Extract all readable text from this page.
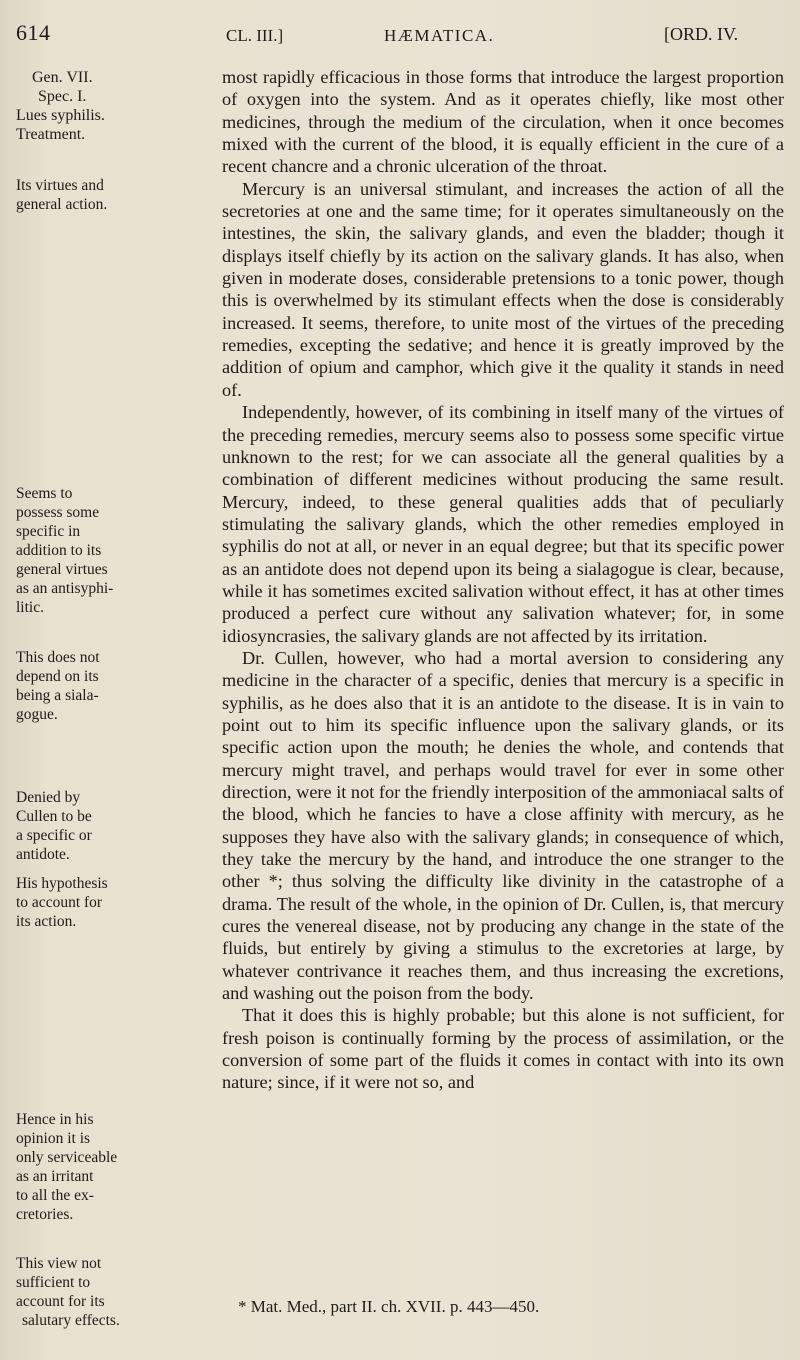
614	CL. III.]	HÆMATICA.	[ORD. IV.
Gen. VII.
Spec. I.
Lues syphilis.
Treatment.
Its virtues and
general action.
Seems to
possess some
specific in
addition to its
general virtues
as an antisyphi-
litic.
This does not
depend on its
being a siala-
gogue.
Denied by
Cullen to be
a specific or
antidote.
His hypothesis
to account for
its action.
Hence in his
opinion it is
only serviceable
as an irritant
to all the ex-
cretories.
This view not
sufficient to
account for its
salutary effects.

most rapidly efficacious in those forms that introduce the largest proportion of oxygen into the system. And as it operates chiefly, like most other medicines, through the medium of the circulation, when it once becomes mixed with the current of the blood, it is equally efficient in the cure of a recent chancre and a chronic ulceration of the throat.

Mercury is an universal stimulant, and increases the action of all the secretories at one and the same time; for it operates simultaneously on the intestines, the skin, the salivary glands, and even the bladder; though it displays itself chiefly by its action on the salivary glands. It has also, when given in moderate doses, considerable pretensions to a tonic power, though this is overwhelmed by its stimulant effects when the dose is considerably increased. It seems, therefore, to unite most of the virtues of the preceding remedies, excepting the sedative; and hence it is greatly improved by the addition of opium and camphor, which give it the quality it stands in need of.

Independently, however, of its combining in itself many of the virtues of the preceding remedies, mercury seems also to possess some specific virtue unknown to the rest; for we can associate all the general qualities by a combination of different medicines without producing the same result. Mercury, indeed, to these general qualities adds that of peculiarly stimulating the salivary glands, which the other remedies employed in syphilis do not at all, or never in an equal degree; but that its specific power as an antidote does not depend upon its being a sialagogue is clear, because, while it has sometimes excited salivation without effect, it has at other times produced a perfect cure without any salivation whatever; for, in some idiosyncrasies, the salivary glands are not affected by its irritation.

Dr. Cullen, however, who had a mortal aversion to considering any medicine in the character of a specific, denies that mercury is a specific in syphilis, as he does also that it is an antidote to the disease. It is in vain to point out to him its specific influence upon the salivary glands, or its specific action upon the mouth; he denies the whole, and contends that mercury might travel, and perhaps would travel for ever in some other direction, were it not for the friendly interposition of the ammoniacal salts of the blood, which he fancies to have a close affinity with mercury, as he supposes they have also with the salivary glands; in consequence of which, they take the mercury by the hand, and introduce the one stranger to the other *; thus solving the difficulty like divinity in the catastrophe of a drama. The result of the whole, in the opinion of Dr. Cullen, is, that mercury cures the venereal disease, not by producing any change in the state of the fluids, but entirely by giving a stimulus to the excretories at large, by whatever contrivance it reaches them, and thus increasing the excretions, and washing out the poison from the body.

That it does this is highly probable; but this alone is not sufficient, for fresh poison is continually forming by the process of assimilation, or the conversion of some part of the fluids it comes in contact with into its own nature; since, if it were not so, and

* Mat. Med., part II. ch. XVII. p. 443—450.
